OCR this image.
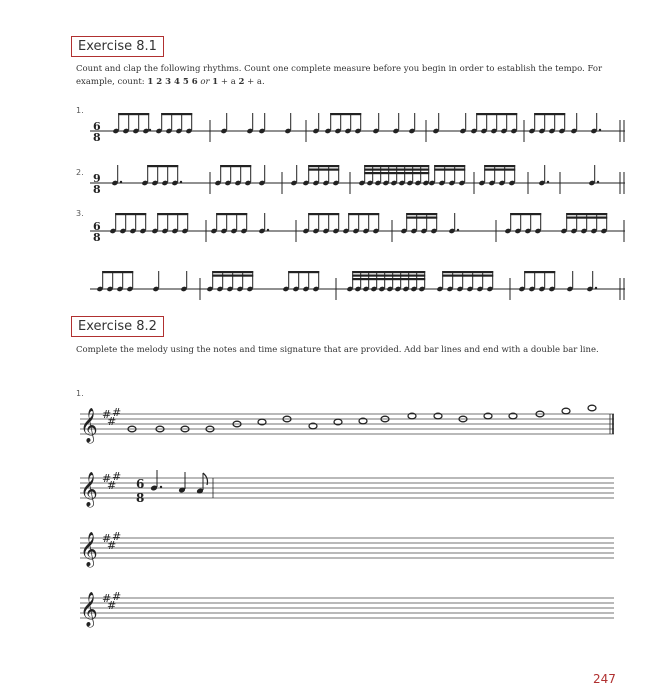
Exercise 8.1
Count and clap the following rhythms. Count one complete measure before you begin in order to establish the tempo. For example, count: 1 2 3 4 5 6 or 1 + a 2 + a.
1.
2.
3.
Exercise 8.2
Complete the melody using the notes and time signature that are provided. Add bar lines and end with a double bar line.
1.
6
8
9
8
6
8
𝄞 #
#
#
𝄞 #
#
#
𝄞 #
#
#
𝄞 #
#
#
6
8
247
